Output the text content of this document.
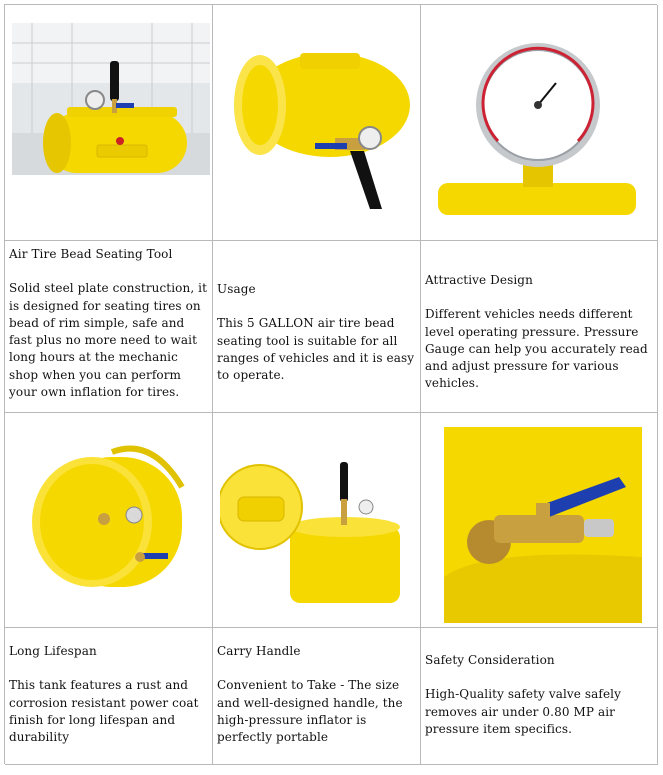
Air Tire Bead Seating Tool

Solid steel plate construction, it is designed for seating tires on bead of rim simple, safe and fast plus no more need to wait long hours at the mechanic shop when you can perform your own inflation for tires.

Usage

This 5 GALLON air tire bead seating tool is suitable for all ranges of vehicles and it is easy to operate.

Attractive Design

Different vehicles needs different level operating pressure. Pressure Gauge can help you accurately read and adjust pressure for various vehicles.

Long Lifespan

This tank features a rust and corrosion resistant power coat finish for long lifespan and durability

Carry Handle

Convenient to Take - The size and well-designed handle, the high-pressure inflator is perfectly portable

Safety Consideration

High-Quality safety valve safely removes air under 0.80 MP air pressure item specifics.
